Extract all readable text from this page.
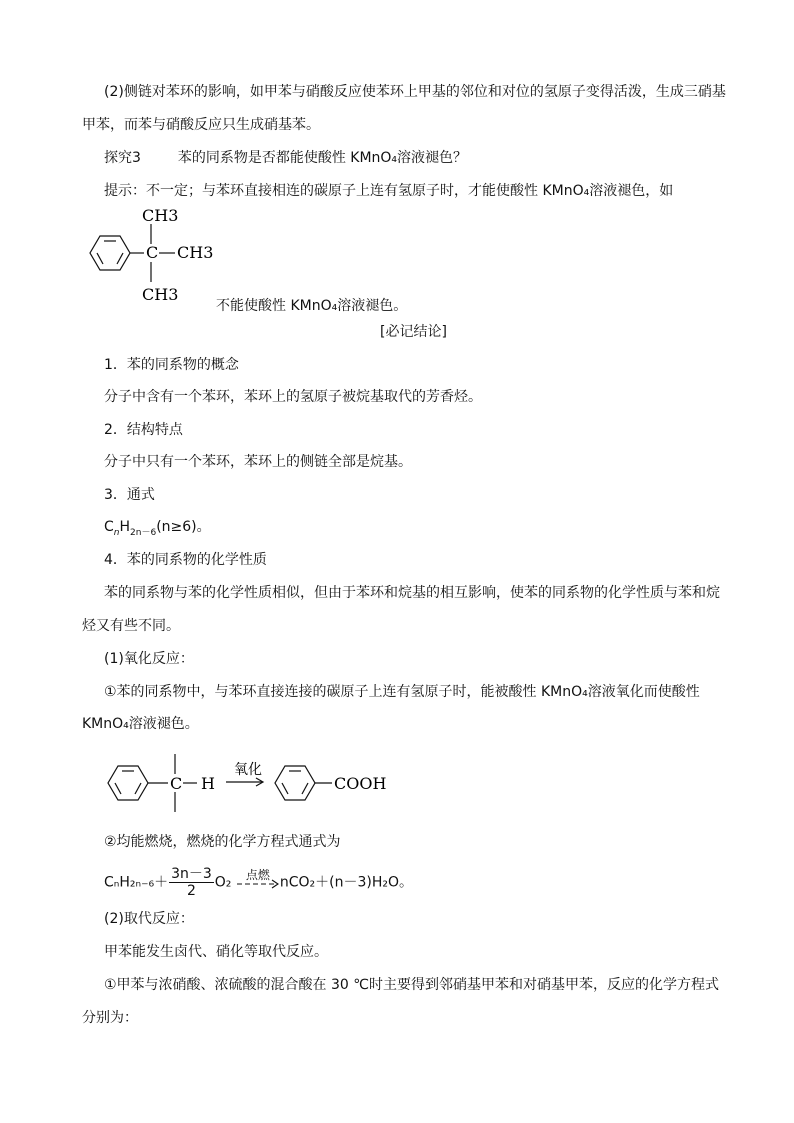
(2)侧链对苯环的影响，如甲苯与硝酸反应使苯环上甲基的邻位和对位的氢原子变得活泼，生成三硝基
甲苯，而苯与硝酸反应只生成硝基苯。
探究3	苯的同系物是否都能使酸性 KMnO₄溶液褪色？
提示：不一定；与苯环直接相连的碳原子上连有氢原子时，才能使酸性 KMnO₄溶液褪色，如
C
CH3
CH3
CH3
不能使酸性 KMnO₄溶液褪色。
[必记结论]
1．苯的同系物的概念
分子中含有一个苯环，苯环上的氢原子被烷基取代的芳香烃。
2．结构特点
分子中只有一个苯环，苯环上的侧链全部是烷基。
3．通式
$C_nH_{2n-6}(n\ge 6)$。
4．苯的同系物的化学性质
苯的同系物与苯的化学性质相似，但由于苯环和烷基的相互影响，使苯的同系物的化学性质与苯和烷
烃又有些不同。
(1)氧化反应：
①苯的同系物中，与苯环直接连接的碳原子上连有氢原子时，能被酸性 KMnO₄溶液氧化而使酸性
KMnO₄溶液褪色。
C H
氧化
COOH
②均能燃烧，燃烧的化学方程式通式为
$C_nH_{2n-6}+ \frac{3n-3}{2} O_2$	点燃 nCO₂＋(n－3)H₂O。
(2)取代反应：
甲苯能发生卤代、硝化等取代反应。
①甲苯与浓硝酸、浓硫酸的混合酸在 30 ℃时主要得到邻硝基甲苯和对硝基甲苯，反应的化学方程式
分别为：
